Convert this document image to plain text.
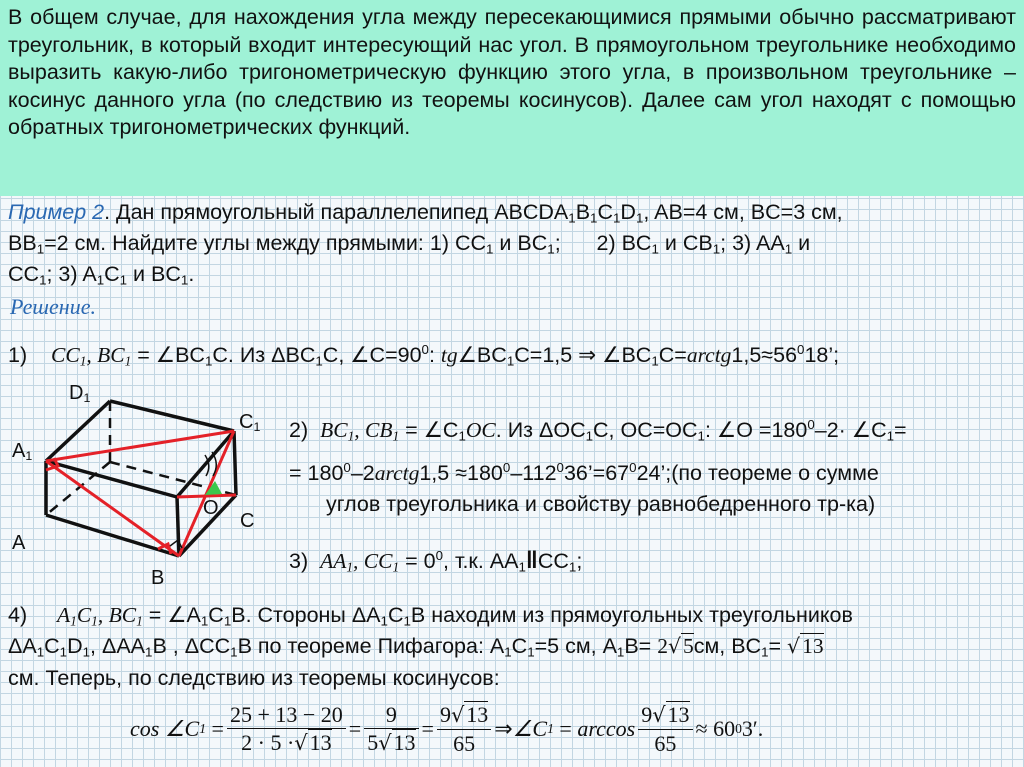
В общем случае, для нахождения угла между пересекающимися прямыми обычно рассматривают треугольник, в который входит интересующий нас угол. В прямоугольном треугольнике необходимо выразить какую-либо тригонометрическую функцию этого угла, в произвольном треугольнике – косинус данного угла (по следствию из теоремы косинусов). Далее сам угол находят с помощью обратных тригонометрических функций.
Пример 2. Дан прямоугольный параллелепипед $ABCDA_1B_1C_1D_1$, AB=4 см, BC=3 см,
$BB_1=2$ см. Найдите углы между прямыми: 1) $CC_1$ и $BC_1$;      2) $BC_1$ и $CB_1$; 3) $AA_1$ и
$CC_1$; 3) $A_1C_1$ и $BC_1$.
Решение.
1) $CC_1$, $BC_1$ = $\angle BC_1C$. Из $\Delta BC_1C$, $\angle C=90^0$: $tg\angle BC_1C=1,5$ ⇒ $\angle BC_1C=arctg1,5\approx 56^018$’;
$D_1$
$C_1$
$A_1$
O
C
A
B
2) $BC_1$, $CB_1$ = $\angle C_1OC$. Из $\Delta OC_1C$, $OC=OC_1$: ∠O $=180^0-2\cdot$ $\angle C_1=$
= $180^0-2arctg1,5$ $\approx 180^0-112^036’=67^024’;(по$ теореме о сумме
углов треугольника и свойству равнобедренного тр-ка)
3) $AA_1$, $CC_1 = 0^0$, т.к. $AA_1‖CC_1$;
4) $A_1C_1$, $BC_1$ = $\angle A_1C_1B$. Стороны $\Delta A_1C_1B$ находим из прямоугольных треугольников
$\Delta A_1C_1D_1$, $\Delta AA_1B$ , $\Delta CC_1B$ по теореме Пифагора: $A_1C_1=5$ см, $A_1B= 2√5см$, $BC_1= √13$
см. Теперь, по следствию из теоремы косинусов:
cos
∠C 1
= $\frac{25 + 13 - 20}{2 \cdot 5 \cdot√13} = \frac{9}{5√13} = \frac{9√13}{65}$ ⇒ ∠C 1
=
$\arccos \frac{9√13}{65}$ ≈
60 0 3′ .
